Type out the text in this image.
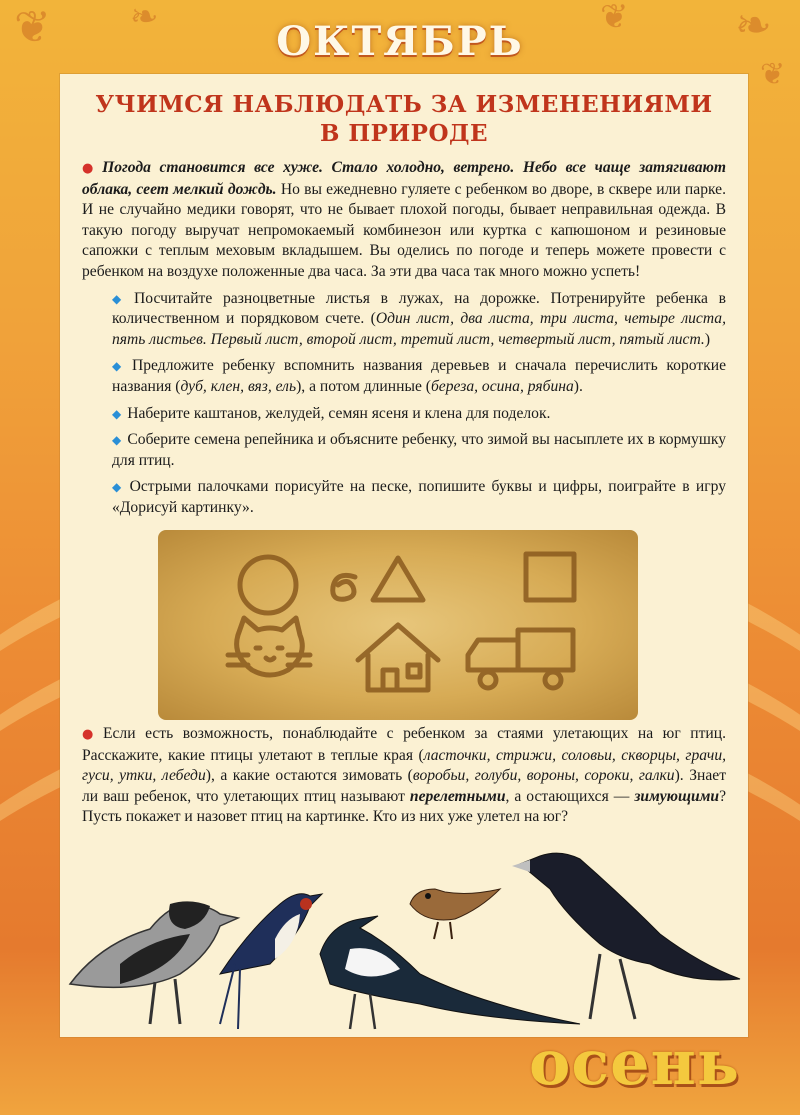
❦ ❧	❦ ❧
❦
ОКТЯБРЬ
УЧИМСЯ НАБЛЮДАТЬ ЗА ИЗМЕНЕНИЯМИ
В ПРИРОДЕ
● Погода становится все хуже. Стало холодно, ветрено. Небо все чаще затягивают облака, сеет мелкий дождь. Но вы ежедневно гуляете с ребенком во дворе, в сквере или парке. И не случайно медики говорят, что не бывает плохой погоды, бывает неправильная одежда. В такую погоду выручат непромокаемый комбинезон или куртка с капюшоном и резиновые сапожки с теплым меховым вкладышем. Вы оделись по погоде и теперь можете провести с ребенком на воздухе положенные два часа. За эти два часа так много можно успеть!
◆ Посчитайте разноцветные листья в лужах, на дорожке. Потренируйте ребенка в количественном и порядковом счете. (Один лист, два листа, три листа, четыре листа, пять листьев. Первый лист, второй лист, третий лист, четвертый лист, пятый лист.)
◆ Предложите ребенку вспомнить названия деревьев и сначала перечислить короткие названия (дуб, клен, вяз, ель), а потом длинные (береза, осина, рябина).
◆ Наберите каштанов, желудей, семян ясеня и клена для поделок.
◆ Соберите семена репейника и объясните ребенку, что зимой вы насыплете их в кормушку для птиц.
◆ Острыми палочками порисуйте на песке, попишите буквы и цифры, поиграйте в игру «Дорисуй картинку».
● Если есть возможность, понаблюдайте с ребенком за стаями улетающих на юг птиц. Расскажите, какие птицы улетают в теплые края (ласточки, стрижи, соловьи, скворцы, грачи, гуси, утки, лебеди), а какие остаются зимовать (воробьи, голуби, вороны, сороки, галки). Знает ли ваш ребенок, что улетающих птиц называют перелетными, а остающихся — зимующими? Пусть покажет и назовет птиц на картинке. Кто из них уже улетел на юг?
осень
